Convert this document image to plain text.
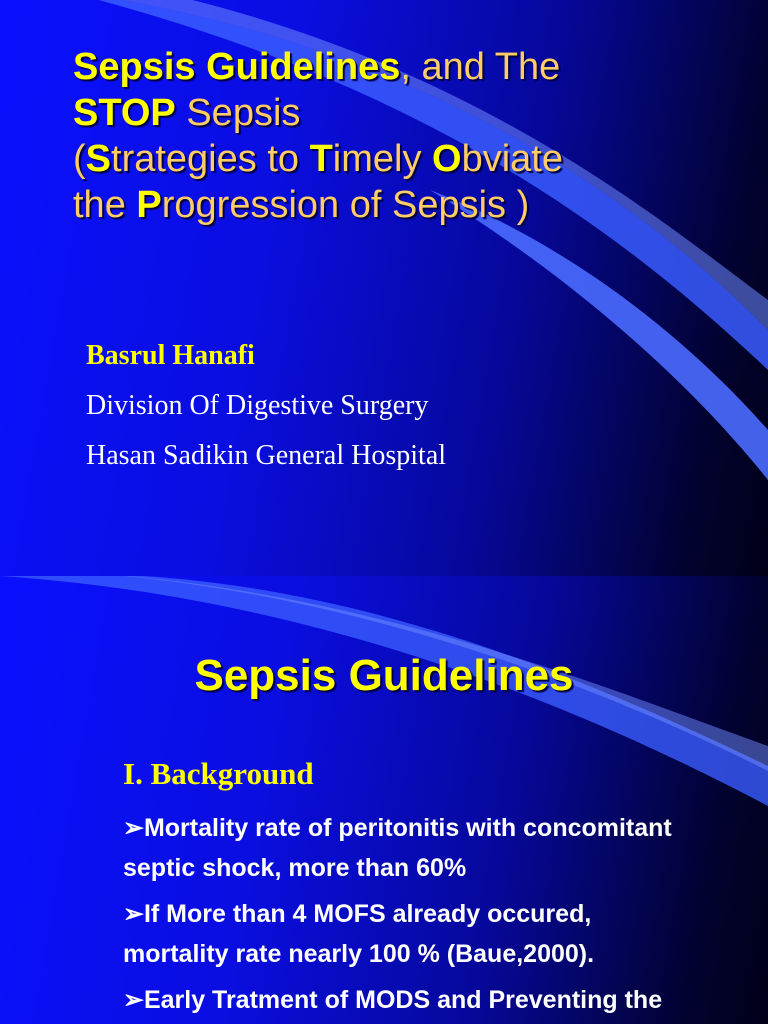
Sepsis Guidelines, and The
STOP Sepsis
(Strategies to Timely Obviate
the Progression of Sepsis )
Basrul Hanafi
Division Of Digestive Surgery
Hasan Sadikin General Hospital
Sepsis Guidelines
I. Background
➢Mortality rate of peritonitis with concomitant
septic shock, more than 60%
➢If More than 4 MOFS already occured,
mortality rate nearly 100 % (Baue,2000).
➢Early Tratment of MODS and Preventing the
